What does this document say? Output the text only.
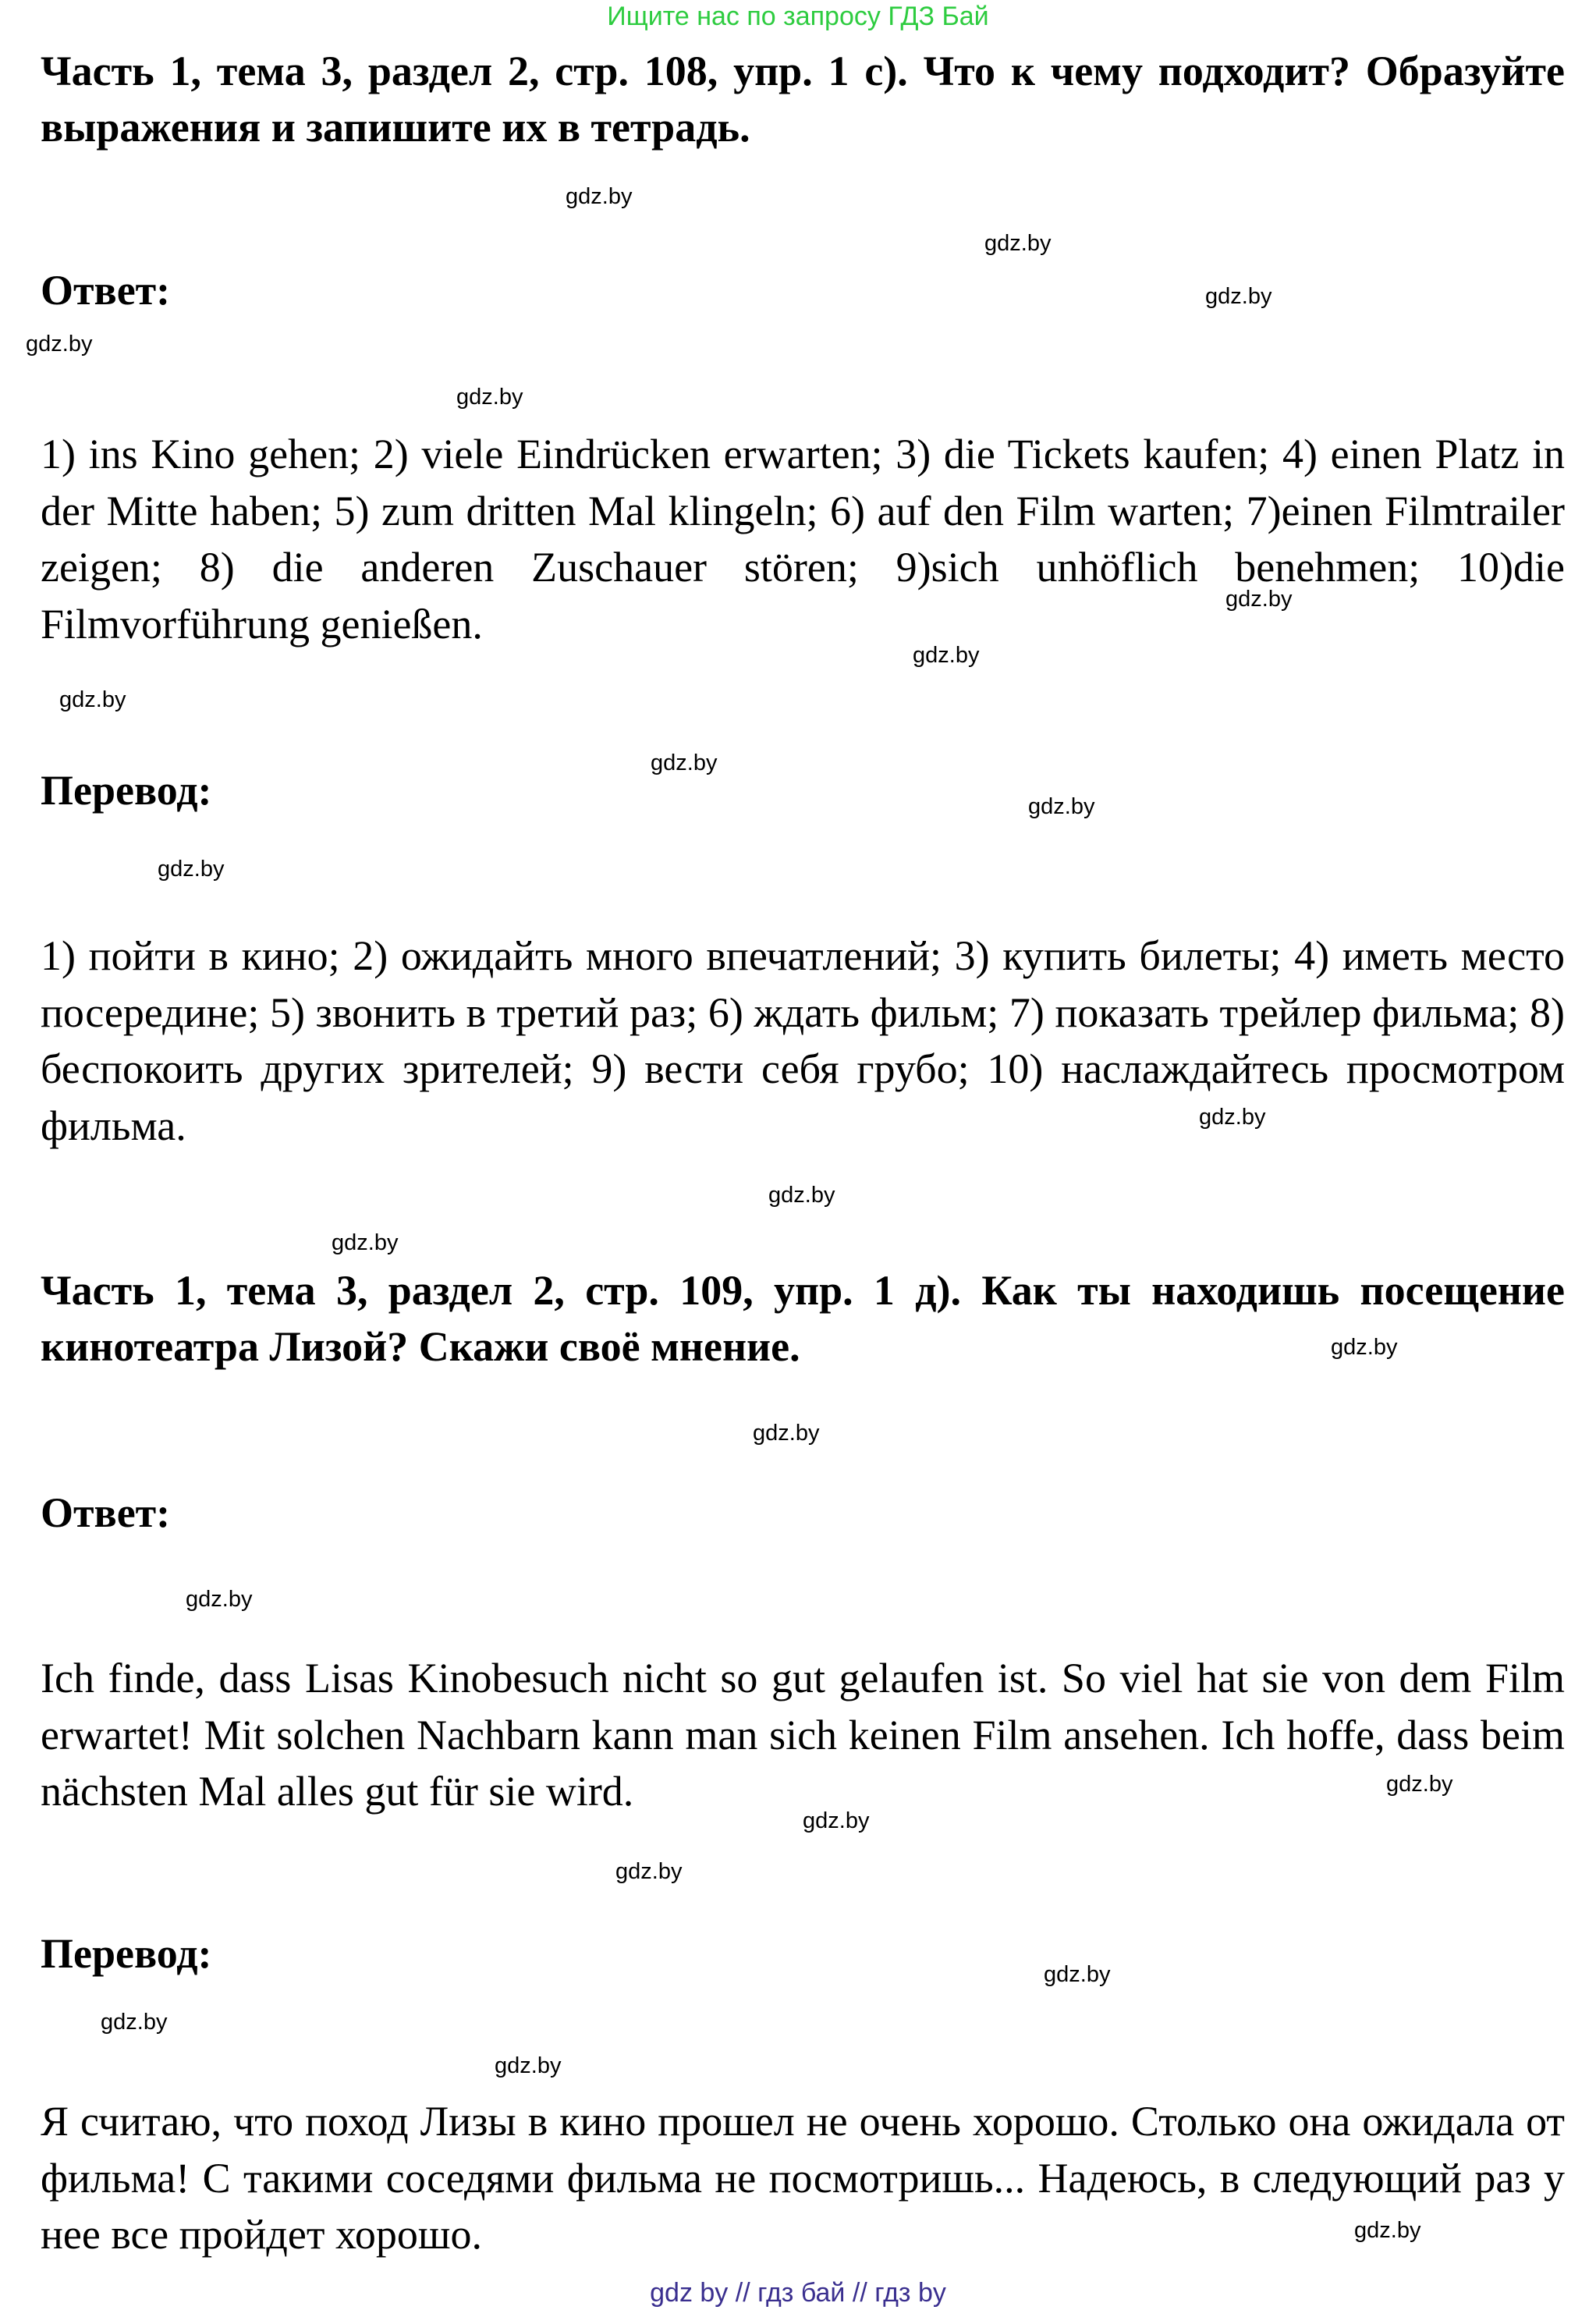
Ищите нас по запросу ГДЗ Бай
Часть 1, тема 3, раздел 2, стр. 108, упр. 1 с). Что к чему подходит? Образуйте выражения и запишите их в тетрадь.
Ответ:
1) ins Kino gehen; 2) viele Eindrücken erwarten; 3) die Tickets kaufen; 4) einen Platz in der Mitte haben; 5) zum dritten Mal klingeln; 6) auf den Film warten; 7)einen Filmtrailer zeigen; 8) die anderen Zuschauer stören; 9)sich unhöflich benehmen; 10)die Filmvorführung genießen.
Перевод:
1) пойти в кино; 2) ожидайть много впечатлений; 3) купить билеты; 4) иметь место посередине; 5) звонить в третий раз; 6) ждать фильм; 7) показать трейлер фильма; 8) беспокоить других зрителей; 9) вести себя грубо; 10) наслаждайтесь просмотром фильма.
Часть 1, тема 3, раздел 2, стр. 109, упр. 1 д). Как ты находишь посещение кинотеатра Лизой? Скажи своё мнение.
Ответ:
Ich finde, dass Lisas Kinobesuch nicht so gut gelaufen ist. So viel hat sie von dem Film erwartet! Mit solchen Nachbarn kann man sich keinen Film ansehen. Ich hoffe, dass beim nächsten Mal alles gut für sie wird.
Перевод:
Я считаю, что поход Лизы в кино прошел не очень хорошо. Столько она ожидала от фильма! С такими соседями фильма не посмотришь... Надеюсь, в следующий раз у нее все пройдет хорошо.
gdz.by
gdz.by
gdz.by
gdz.by
gdz.by
gdz.by
gdz.by
gdz.by
gdz.by
gdz.by
gdz.by
gdz.by
gdz.by
gdz.by
gdz.by
gdz.by
gdz.by
gdz.by
gdz.by
gdz.by
gdz.by
gdz.by
gdz.by
gdz.by
gdz by // гдз бай // гдз by
